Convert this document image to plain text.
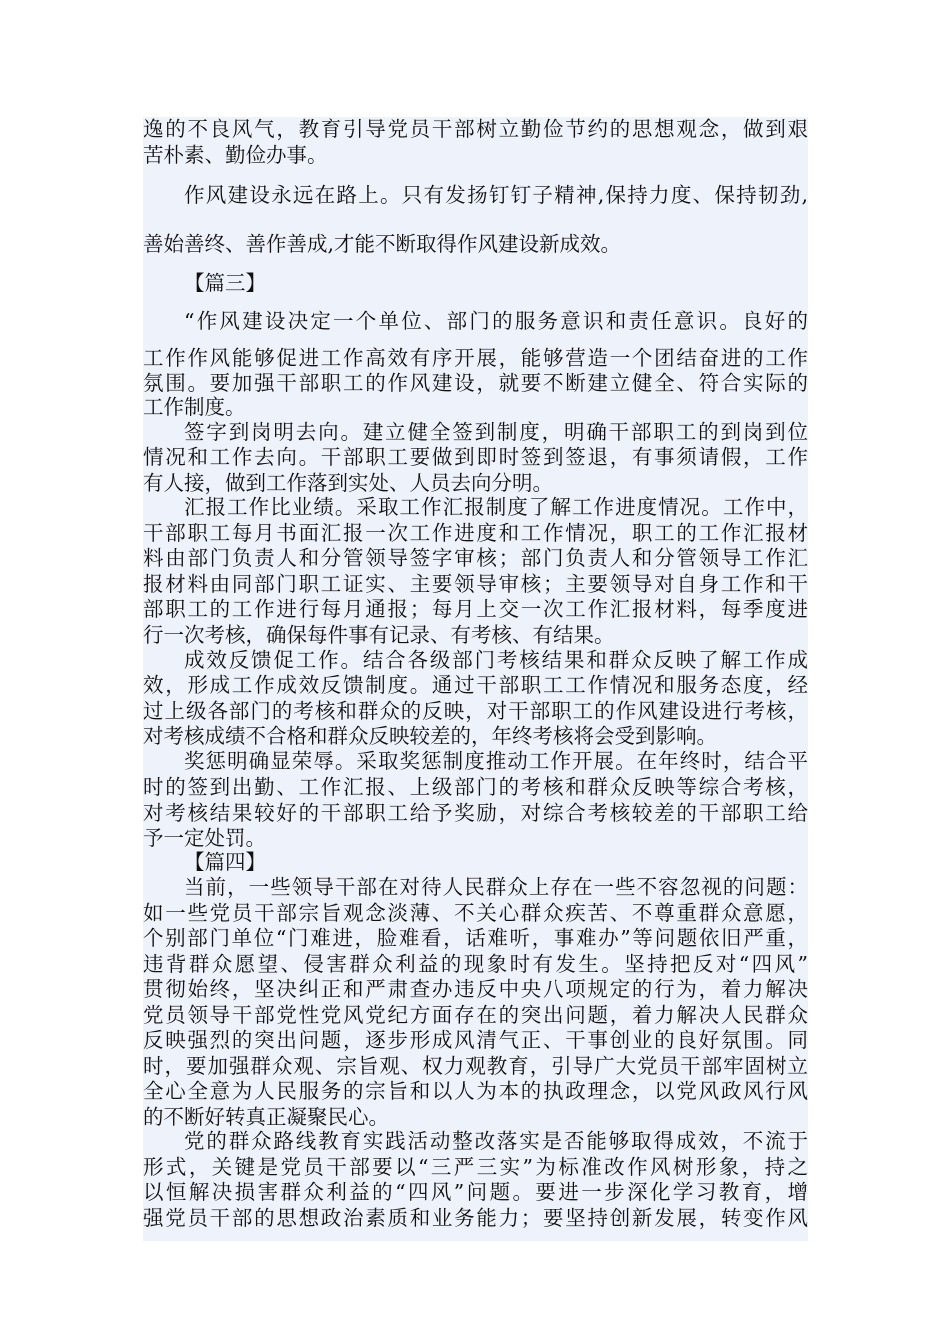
逸的不良风气，教育引导党员干部树立勤俭节约的思想观念，做到艰
苦朴素、勤俭办事。
作风建设永远在路上。只有发扬钉钉子精神,保持力度、保持韧劲,
善始善终、善作善成,才能不断取得作风建设新成效。
【篇三】
“作风建设决定一个单位、部门的服务意识和责任意识。良好的
工作作风能够促进工作高效有序开展，能够营造一个团结奋进的工作
氛围。要加强干部职工的作风建设，就要不断建立健全、符合实际的
工作制度。
签字到岗明去向。建立健全签到制度，明确干部职工的到岗到位
情况和工作去向。干部职工要做到即时签到签退，有事须请假，工作
有人接，做到工作落到实处、人员去向分明。
汇报工作比业绩。采取工作汇报制度了解工作进度情况。工作中，
干部职工每月书面汇报一次工作进度和工作情况，职工的工作汇报材
料由部门负责人和分管领导签字审核；部门负责人和分管领导工作汇
报材料由同部门职工证实、主要领导审核；主要领导对自身工作和干
部职工的工作进行每月通报；每月上交一次工作汇报材料，每季度进
行一次考核，确保每件事有记录、有考核、有结果。
成效反馈促工作。结合各级部门考核结果和群众反映了解工作成
效，形成工作成效反馈制度。通过干部职工工作情况和服务态度，经
过上级各部门的考核和群众的反映，对干部职工的作风建设进行考核，
对考核成绩不合格和群众反映较差的，年终考核将会受到影响。
奖惩明确显荣辱。采取奖惩制度推动工作开展。在年终时，结合平
时的签到出勤、工作汇报、上级部门的考核和群众反映等综合考核，
对考核结果较好的干部职工给予奖励，对综合考核较差的干部职工给
予一定处罚。
【篇四】
当前，一些领导干部在对待人民群众上存在一些不容忽视的问题：
如一些党员干部宗旨观念淡薄、不关心群众疾苦、不尊重群众意愿，
个别部门单位“门难进，脸难看，话难听，事难办”等问题依旧严重，
违背群众愿望、侵害群众利益的现象时有发生。坚持把反对“四风”
贯彻始终，坚决纠正和严肃查办违反中央八项规定的行为，着力解决
党员领导干部党性党风党纪方面存在的突出问题，着力解决人民群众
反映强烈的突出问题，逐步形成风清气正、干事创业的良好氛围。同
时，要加强群众观、宗旨观、权力观教育，引导广大党员干部牢固树立
全心全意为人民服务的宗旨和以人为本的执政理念，以党风政风行风
的不断好转真正凝聚民心。
党的群众路线教育实践活动整改落实是否能够取得成效，不流于
形式，关键是党员干部要以“三严三实”为标准改作风树形象，持之
以恒解决损害群众利益的“四风”问题。要进一步深化学习教育，增
强党员干部的思想政治素质和业务能力；要坚持创新发展，转变作风
